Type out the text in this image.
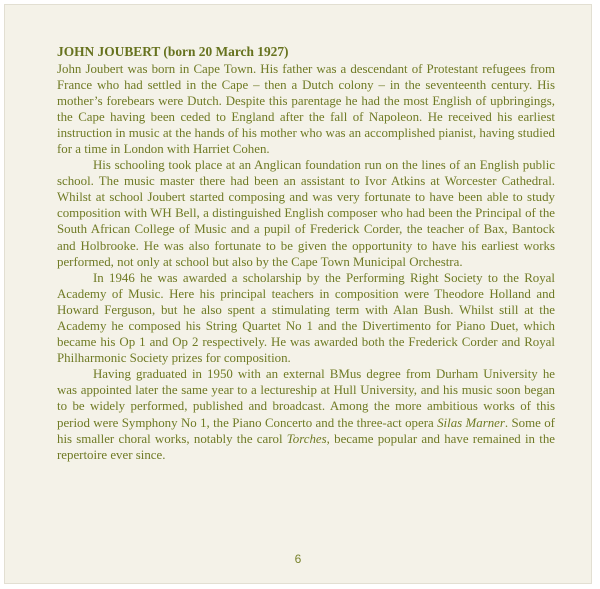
JOHN JOUBERT (born 20 March 1927)

John Joubert was born in Cape Town. His father was a descendant of Protestant refugees from France who had settled in the Cape – then a Dutch colony – in the seventeenth century. His mother’s forebears were Dutch. Despite this parentage he had the most English of upbringings, the Cape having been ceded to England after the fall of Napoleon. He received his earliest instruction in music at the hands of his mother who was an accomplished pianist, having studied for a time in London with Harriet Cohen.

His schooling took place at an Anglican foundation run on the lines of an English public school. The music master there had been an assistant to Ivor Atkins at Worcester Cathedral. Whilst at school Joubert started composing and was very fortunate to have been able to study composition with WH Bell, a distinguished English composer who had been the Principal of the South African College of Music and a pupil of Frederick Corder, the teacher of Bax, Bantock and Holbrooke. He was also fortunate to be given the opportunity to have his earliest works performed, not only at school but also by the Cape Town Municipal Orchestra.

In 1946 he was awarded a scholarship by the Performing Right Society to the Royal Academy of Music. Here his principal teachers in composition were Theodore Holland and Howard Ferguson, but he also spent a stimulating term with Alan Bush. Whilst still at the Academy he composed his String Quartet No 1 and the Divertimento for Piano Duet, which became his Op 1 and Op 2 respectively. He was awarded both the Frederick Corder and Royal Philharmonic Society prizes for composition.

Having graduated in 1950 with an external BMus degree from Durham University he was appointed later the same year to a lectureship at Hull University, and his music soon began to be widely performed, published and broadcast. Among the more ambitious works of this period were Symphony No 1, the Piano Concerto and the three-act opera Silas Marner. Some of his smaller choral works, notably the carol Torches, became popular and have remained in the repertoire ever since.

6
